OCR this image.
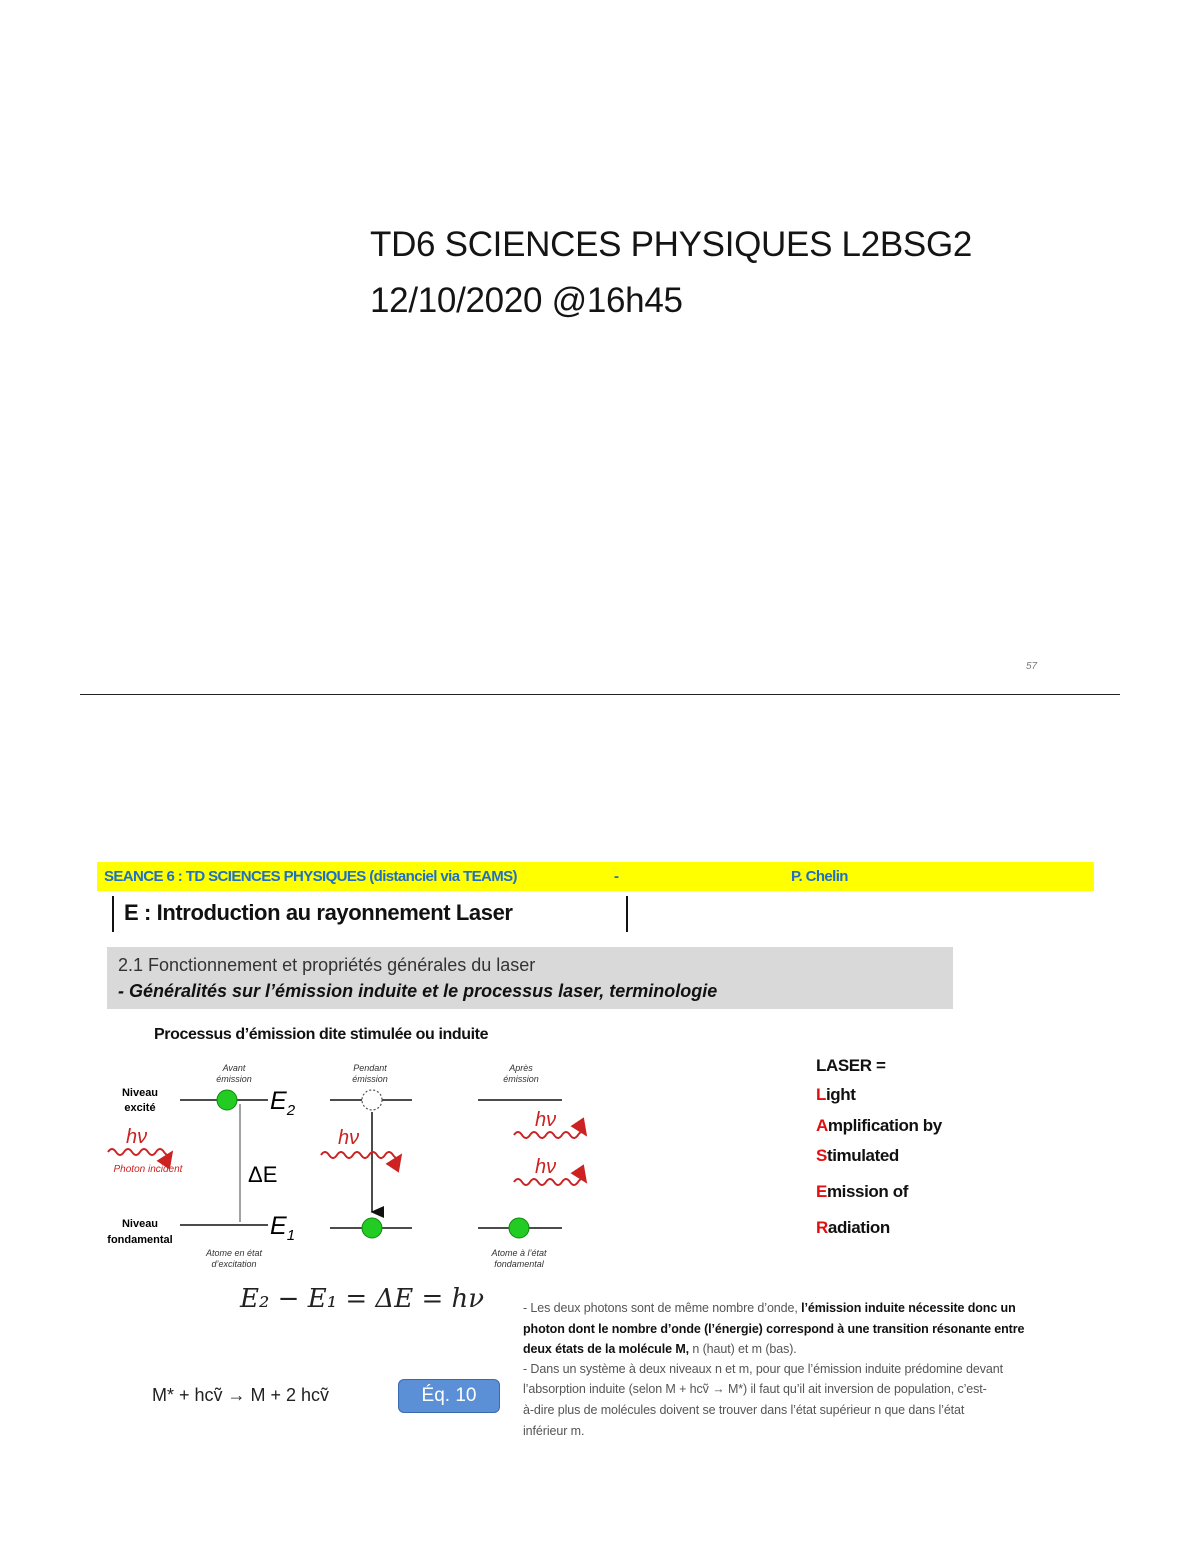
TD6 SCIENCES PHYSIQUES L2BSG2
12/10/2020 @16h45
57
SEANCE 6 : TD SCIENCES PHYSIQUES (distanciel via TEAMS)	-	P. Chelin
E : Introduction au rayonnement Laser
2.1 Fonctionnement et propriétés générales du laser
- Généralités sur l’émission induite et le processus laser, terminologie
Processus d’émission dite stimulée ou induite
Avant
émission
Pendant
émission
Après
émission
Niveau
excité
Niveau
fondamental
$E_2$
$E_1$
ΔE
hν
Photon incident
hν
hν
hν
Atome en état
d’excitation
Atome à l’état
fondamental
LASER =
Light
Amplification by
Stimulated
Emission of
Radiation
E₂ − E₁ = ΔE = hν
M* + hcṽ → M + 2 hcṽ	Éq. 10
- Les deux photons sont de même nombre d’onde, l’émission induite nécessite donc un
photon dont le nombre d’onde (l’énergie) correspond à une transition résonante entre
deux états de la molécule M, n (haut) et m (bas).
- Dans un système à deux niveaux n et m, pour que l’émission induite prédomine devant
l’absorption induite (selon M + hcṽ → M*) il faut qu’il ait inversion de population, c’est-
à-dire plus de molécules doivent se trouver dans l’état supérieur n que dans l’état
inférieur m.
